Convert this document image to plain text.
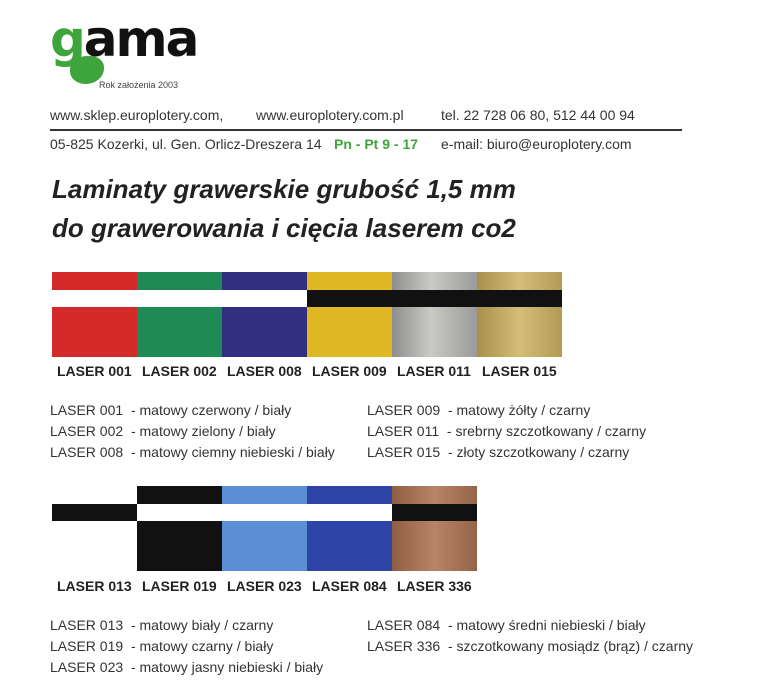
gama
Rok założenia 2003
www.sklep.europlotery.com, www.europlotery.com.pl	tel. 22 728 06 80, 512 44 00 94
05-825 Kozerki, ul. Gen. Orlicz-Dreszera 14 Pn - Pt 9 - 17 e-mail: biuro@europlotery.com
Laminaty grawerskie grubość 1,5 mm
do grawerowania i cięcia laserem co2
LASER 001 LASER 002 LASER 008 LASER 009 LASER 011 LASER 015
LASER 001 - matowy czerwony / biały
LASER 002 - matowy zielony / biały
LASER 008 - matowy ciemny niebieski / biały
LASER 009 - matowy żółty / czarny
LASER 011 - srebrny szczotkowany / czarny
LASER 015 - złoty szczotkowany / czarny
LASER 013 LASER 019 LASER 023 LASER 084 LASER 336
LASER 013 - matowy biały / czarny
LASER 019 - matowy czarny / biały
LASER 023 - matowy jasny niebieski / biały
LASER 084 - matowy średni niebieski / biały
LASER 336 - szczotkowany mosiądz (brąz) / czarny
